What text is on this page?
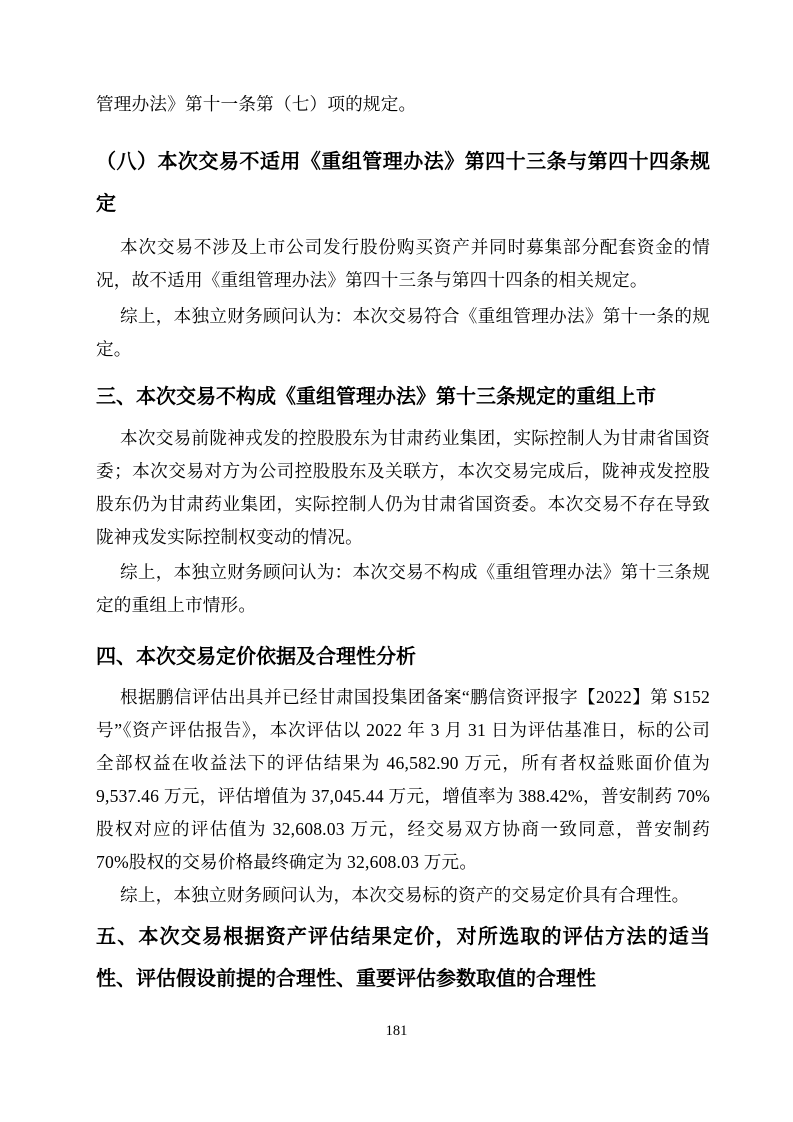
管理办法》第十一条第（七）项的规定。

（八）本次交易不适用《重组管理办法》第四十三条与第四十四条规定

本次交易不涉及上市公司发行股份购买资产并同时募集部分配套资金的情况，故不适用《重组管理办法》第四十三条与第四十四条的相关规定。

综上，本独立财务顾问认为：本次交易符合《重组管理办法》第十一条的规定。

三、本次交易不构成《重组管理办法》第十三条规定的重组上市

本次交易前陇神戎发的控股股东为甘肃药业集团，实际控制人为甘肃省国资委；本次交易对方为公司控股股东及关联方，本次交易完成后，陇神戎发控股股东仍为甘肃药业集团，实际控制人仍为甘肃省国资委。本次交易不存在导致陇神戎发实际控制权变动的情况。

综上，本独立财务顾问认为：本次交易不构成《重组管理办法》第十三条规定的重组上市情形。

四、本次交易定价依据及合理性分析

根据鹏信评估出具并已经甘肃国投集团备案“鹏信资评报字【2022】第 S152 号”《资产评估报告》，本次评估以 2022 年 3 月 31 日为评估基准日，标的公司全部权益在收益法下的评估结果为 46,582.90 万元，所有者权益账面价值为 9,537.46 万元，评估增值为 37,045.44 万元，增值率为 388.42%，普安制药 70%股权对应的评估值为 32,608.03 万元，经交易双方协商一致同意，普安制药 70%股权的交易价格最终确定为 32,608.03 万元。

综上，本独立财务顾问认为，本次交易标的资产的交易定价具有合理性。

五、本次交易根据资产评估结果定价，对所选取的评估方法的适当性、评估假设前提的合理性、重要评估参数取值的合理性
181
